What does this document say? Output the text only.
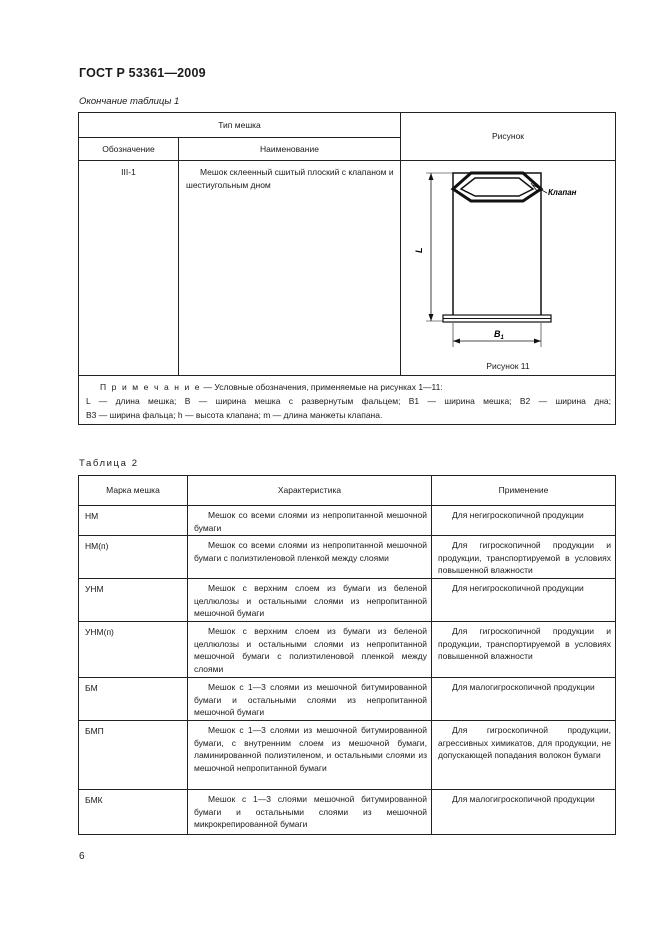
ГОСТ Р 53361—2009
Окончание таблицы 1
Тип мешка		Рисунок
Обозначение	Наименование	
III-1	Мешок склеенный сшитый плоский с клапаном и шестиугольным дном	Клапан
L
$B_1$
Рисунок 11

П р и м е ч а н и е — Условные обозначения, применяемые на рисунках 1—11:
L — длина мешка; B — ширина мешка с развернутым фальцем; B1 — ширина мешка; B2 — ширина дна;
B3 — ширина фальца; h — высота клапана; m — длина манжеты клапана.		
Таблица 2
Марка мешка	Характеристика	Применение
НМ	Мешок со всеми слоями из непропитанной мешочной бумаги	Для негигроскопичной продукции

НМ(п)	Мешок со всеми слоями из непропитанной мешочной бумаги с полиэтиленовой пленкой между слоями	Для гигроскопичной продукции и продукции, транспортируемой в условиях повышенной влажности

УНМ	Мешок с верхним слоем из бумаги из беленой целлюлозы и остальными слоями из непропитанной мешочной бумаги	Для негигроскопичной продукции

УНМ(п)	Мешок с верхним слоем из бумаги из беленой целлюлозы и остальными слоями из непропитанной мешочной бумаги с полиэтиленовой пленкой между слоями	Для гигроскопичной продукции и продукции, транспортируемой в условиях повышенной влажности

БМ	Мешок с 1—3 слоями из мешочной битумированной бумаги и остальными слоями из непропитанной мешочной бумаги	Для малогигроскопичной продукции

БМП	Мешок с 1—3 слоями из мешочной битумированной бумаги, с внутренним слоем из мешочной бумаги, ламинированной полиэтиленом, и остальными слоями из мешочной непропитанной бумаги	Для гигроскопичной продукции, агрессивных химикатов, для продукции, не допускающей попадания волокон бумаги

БМК	Мешок с 1—3 слоями мешочной битумированной бумаги и остальными слоями из мешочной микрокрепированной бумаги	Для малогигроскопичной продукции
6
